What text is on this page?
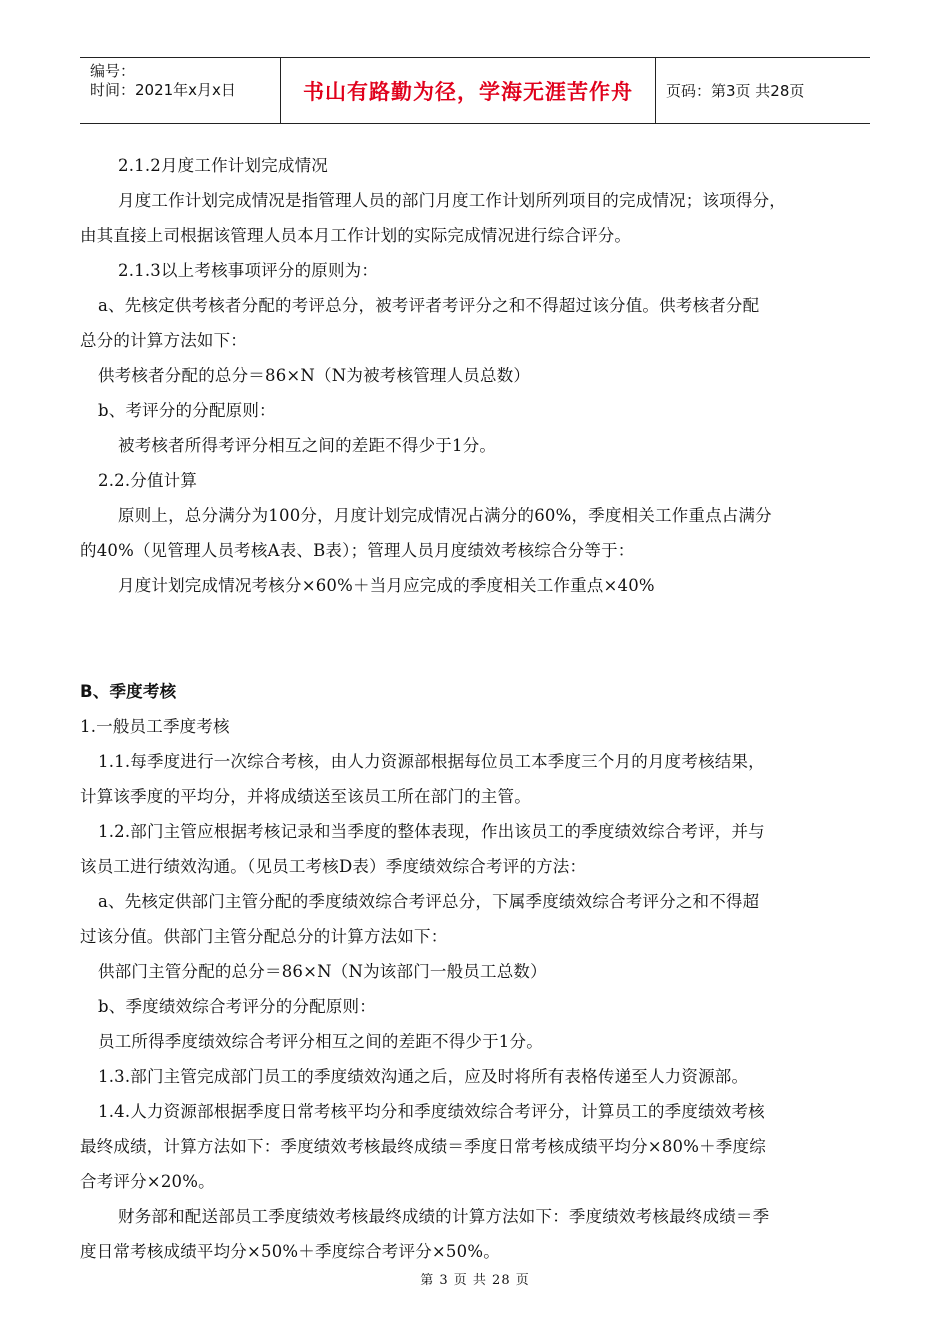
编号：
时间：2021年x月x日	书山有路勤为径，学海无涯苦作舟	页码：第3页 共28页
2.1.2月度工作计划完成情况
月度工作计划完成情况是指管理人员的部门月度工作计划所列项目的完成情况；该项得分，
由其直接上司根据该管理人员本月工作计划的实际完成情况进行综合评分。
2.1.3以上考核事项评分的原则为：
a、先核定供考核者分配的考评总分，被考评者考评分之和不得超过该分值。供考核者分配
总分的计算方法如下：
供考核者分配的总分＝86×N（N为被考核管理人员总数）
b、考评分的分配原则：
被考核者所得考评分相互之间的差距不得少于1分。
2.2.分值计算
原则上，总分满分为100分，月度计划完成情况占满分的60%，季度相关工作重点占满分
的40%（见管理人员考核A表、B表）；管理人员月度绩效考核综合分等于：
月度计划完成情况考核分×60%＋当月应完成的季度相关工作重点×40%
B、季度考核
1.一般员工季度考核
1.1.每季度进行一次综合考核，由人力资源部根据每位员工本季度三个月的月度考核结果，
计算该季度的平均分，并将成绩送至该员工所在部门的主管。
1.2.部门主管应根据考核记录和当季度的整体表现，作出该员工的季度绩效综合考评，并与
该员工进行绩效沟通。（见员工考核D表）季度绩效综合考评的方法：
a、先核定供部门主管分配的季度绩效综合考评总分，下属季度绩效综合考评分之和不得超
过该分值。供部门主管分配总分的计算方法如下：
供部门主管分配的总分＝86×N（N为该部门一般员工总数）
b、季度绩效综合考评分的分配原则：
员工所得季度绩效综合考评分相互之间的差距不得少于1分。
1.3.部门主管完成部门员工的季度绩效沟通之后，应及时将所有表格传递至人力资源部。
1.4.人力资源部根据季度日常考核平均分和季度绩效综合考评分，计算员工的季度绩效考核
最终成绩，计算方法如下：季度绩效考核最终成绩＝季度日常考核成绩平均分×80%＋季度综
合考评分×20%。
财务部和配送部员工季度绩效考核最终成绩的计算方法如下：季度绩效考核最终成绩＝季
度日常考核成绩平均分×50%＋季度综合考评分×50%。
第 3 页 共 28 页
